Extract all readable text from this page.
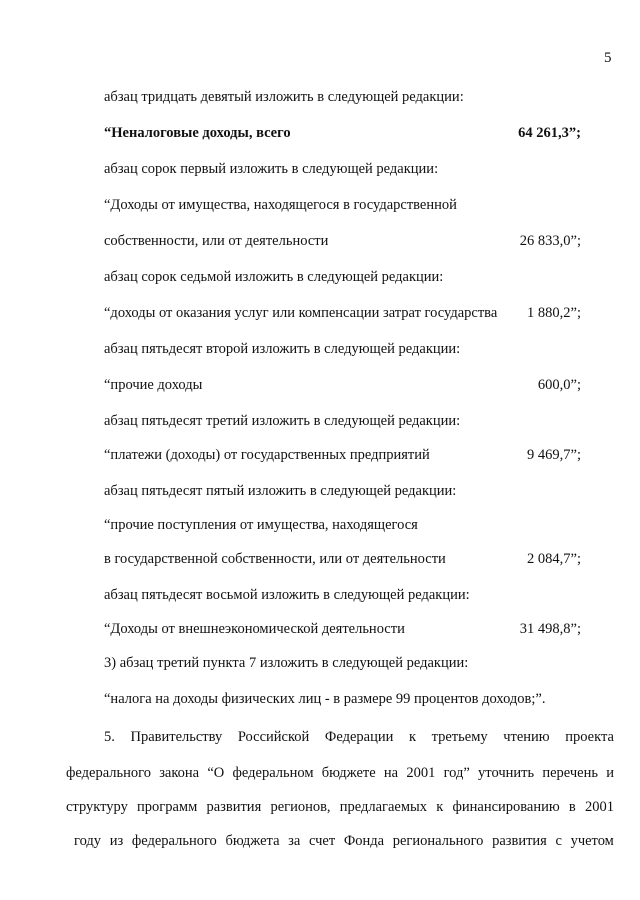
5
абзац тридцать девятый изложить в следующей редакции:
“Неналоговые доходы, всего	64 261,3”;
абзац сорок первый изложить в следующей редакции:
“Доходы от имущества, находящегося в государственной
собственности, или от деятельности	26 833,0”;
абзац сорок седьмой изложить в следующей редакции:
“доходы от оказания услуг или компенсации затрат государства 1 880,2”;
абзац пятьдесят второй изложить в следующей редакции:
“прочие доходы	600,0”;
абзац пятьдесят третий изложить в следующей редакции:
“платежи (доходы) от государственных предприятий	9 469,7”;
абзац пятьдесят пятый изложить в следующей редакции:
“прочие поступления от имущества, находящегося
в государственной собственности, или от деятельности	2 084,7”;
абзац пятьдесят восьмой изложить в следующей редакции:
“Доходы от внешнеэкономической деятельности	31 498,8”;
3) абзац третий пункта 7 изложить в следующей редакции:
“налога на доходы физических лиц - в размере 99 процентов доходов;”.
5. Правительству Российской Федерации к третьему чтению проекта
федерального закона “О федеральном бюджете на 2001 год” уточнить перечень и
структуру программ развития регионов, предлагаемых к финансированию в 2001
году из федерального бюджета за счет Фонда регионального развития с учетом
